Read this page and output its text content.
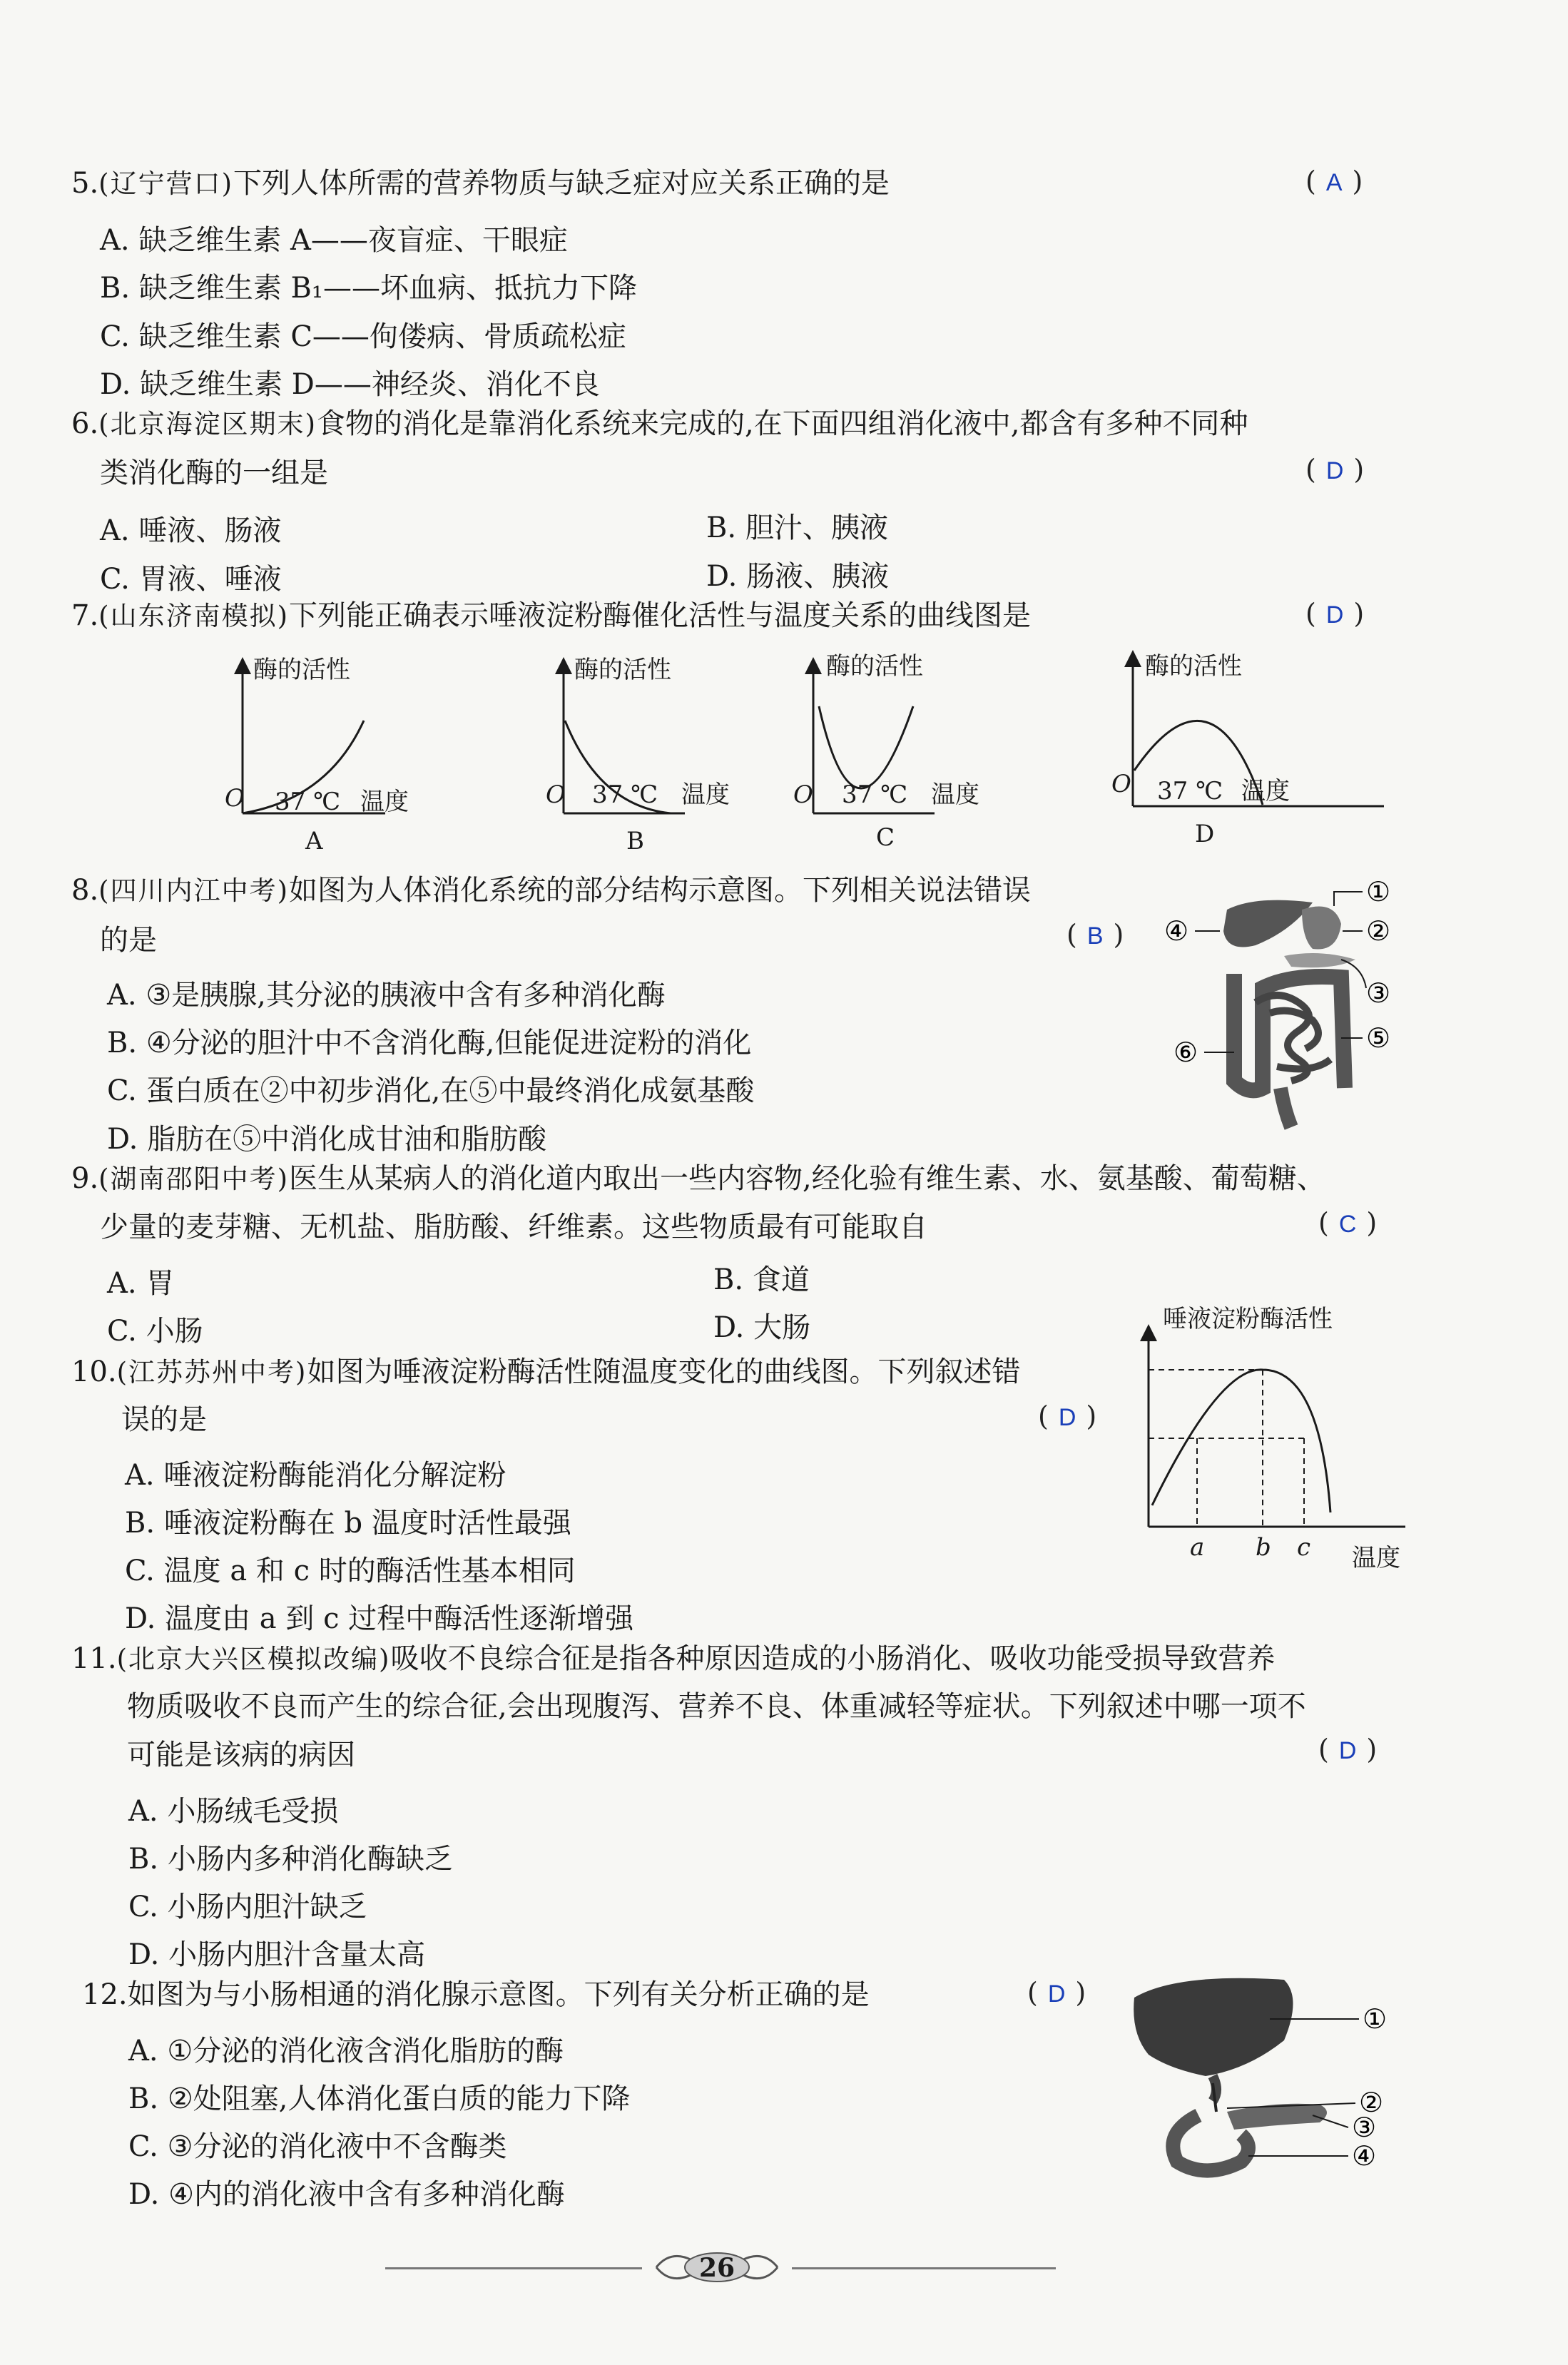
5.(辽宁营口)下列人体所需的营养物质与缺乏症对应关系正确的是	( A )
A. 缺乏维生素 A——夜盲症、干眼症
B. 缺乏维生素 B₁——坏血病、抵抗力下降
C. 缺乏维生素 C——佝偻病、骨质疏松症
D. 缺乏维生素 D——神经炎、消化不良
6.(北京海淀区期末)食物的消化是靠消化系统来完成的,在下面四组消化液中,都含有多种不同种
类消化酶的一组是	( D )
A. 唾液、肠液	B. 胆汁、胰液
C. 胃液、唾液	D. 肠液、胰液
7.(山东济南模拟)下列能正确表示唾液淀粉酶催化活性与温度关系的曲线图是	( D )
酶的活性
O 37 ℃ 温度
A
酶的活性
O 37 ℃ 温度
B
酶的活性
O 37 ℃ 温度
C
酶的活性
O 37 ℃ 温度
D
8.(四川内江中考)如图为人体消化系统的部分结构示意图。下列相关说法错误
的是	( B )
A. ③是胰腺,其分泌的胰液中含有多种消化酶
B. ④分泌的胆汁中不含消化酶,但能促进淀粉的消化
C. 蛋白质在②中初步消化,在⑤中最终消化成氨基酸
D. 脂肪在⑤中消化成甘油和脂肪酸
①
②
③
④
⑤
⑥
9.(湖南邵阳中考)医生从某病人的消化道内取出一些内容物,经化验有维生素、水、氨基酸、葡萄糖、
少量的麦芽糖、无机盐、脂肪酸、纤维素。这些物质最有可能取自	( C )
A. 胃	B. 食道
C. 小肠	D. 大肠
10.(江苏苏州中考)如图为唾液淀粉酶活性随温度变化的曲线图。下列叙述错
误的是	( D )
A. 唾液淀粉酶能消化分解淀粉
B. 唾液淀粉酶在 b 温度时活性最强
C. 温度 a 和 c 时的酶活性基本相同
D. 温度由 a 到 c 过程中酶活性逐渐增强
唾液淀粉酶活性
a b c 温度
11.(北京大兴区模拟改编)吸收不良综合征是指各种原因造成的小肠消化、吸收功能受损导致营养
物质吸收不良而产生的综合征,会出现腹泻、营养不良、体重减轻等症状。下列叙述中哪一项不
可能是该病的病因	( D )
A. 小肠绒毛受损
B. 小肠内多种消化酶缺乏
C. 小肠内胆汁缺乏
D. 小肠内胆汁含量太高
12.如图为与小肠相通的消化腺示意图。下列有关分析正确的是	( D )
A. ①分泌的消化液含消化脂肪的酶
B. ②处阻塞,人体消化蛋白质的能力下降
C. ③分泌的消化液中不含酶类
D. ④内的消化液中含有多种消化酶
①
②
③
④
26
